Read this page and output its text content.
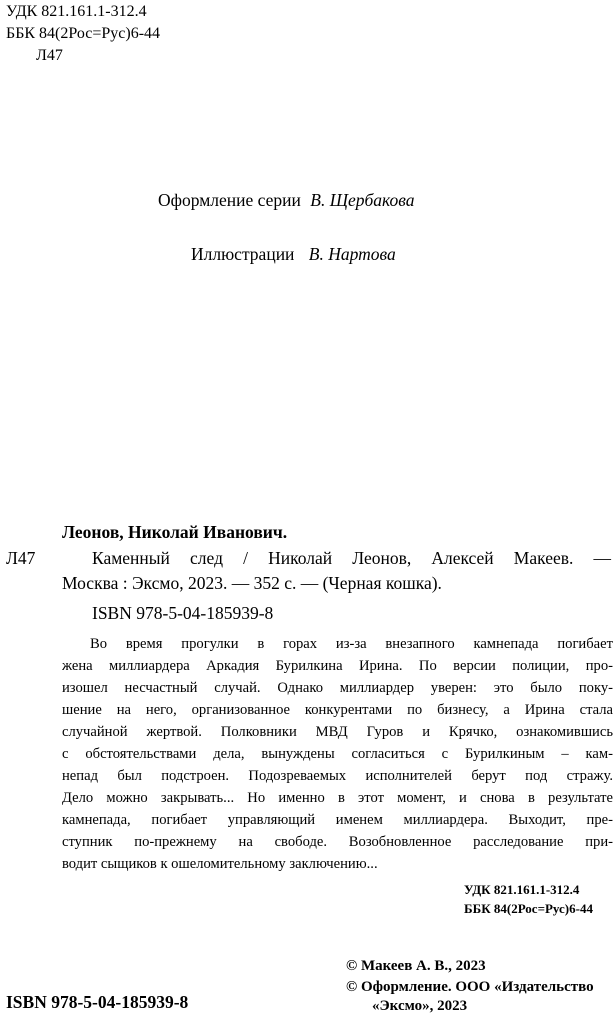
УДК 821.161.1-312.4
ББК 84(2Рос=Рус)6-44
Л47
Оформление серии В. Щербакова
Иллюстрации В. Нартова
Леонов, Николай Иванович.
Л47	Каменный след / Николай Леонов, Алексей Макеев. —
Москва : Эксмо, 2023. — 352 с. — (Черная кошка).
ISBN 978-5-04-185939-8
Во время прогулки в горах из-за внезапного камнепада погибает
жена миллиардера Аркадия Бурилкина Ирина. По версии полиции, про-
изошел несчастный случай. Однако миллиардер уверен: это было поку-
шение на него, организованное конкурентами по бизнесу, а Ирина стала
случайной жертвой. Полковники МВД Гуров и Крячко, ознакомившись
с обстоятельствами дела, вынуждены согласиться с Бурилкиным – кам-
непад был подстроен. Подозреваемых исполнителей берут под стражу.
Дело можно закрывать... Но именно в этот момент, и снова в результате
камнепада, погибает управляющий именем миллиардера. Выходит, пре-
ступник по-прежнему на свободе. Возобновленное расследование при-
водит сыщиков к ошеломительному заключению...
УДК 821.161.1-312.4
ББК 84(2Рос=Рус)6-44
© Макеев А. В., 2023
© Оформление. ООО «Издательство
«Эксмо», 2023
ISBN 978-5-04-185939-8
